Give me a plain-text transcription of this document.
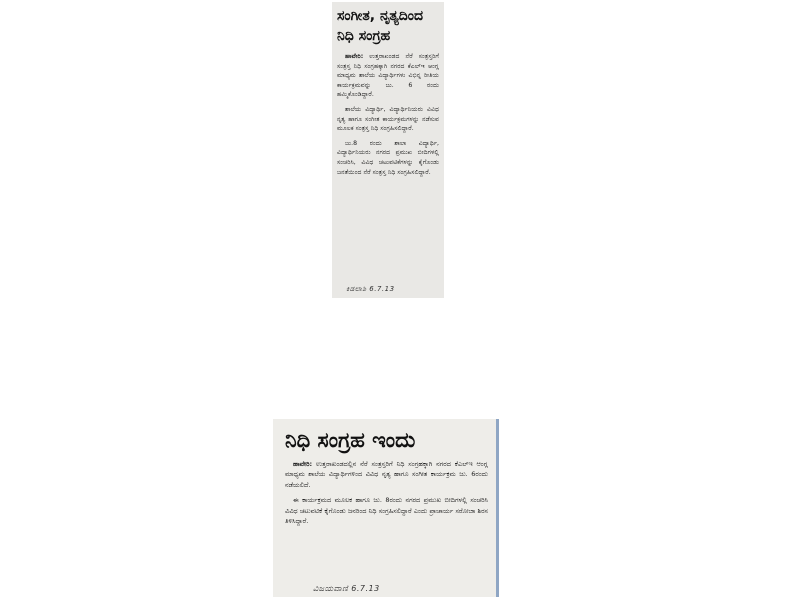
ಸಂಗೀತ, ನೃತ್ಯದಿಂದ

ನಿಧಿ ಸಂಗ್ರಹ

ಹಾವೇರಿ: ಉತ್ತರಾಖಂಡದ ನೆರೆ ಸಂತ್ರಸ್ತರಿಗೆ ಸಂತ್ರಸ್ತ ನಿಧಿ ಸಂಗ್ರಹಕ್ಕಾಗಿ ನಗರದ ಕೆಎಲ್‌ಇ ಆಂಗ್ಲ ಮಾಧ್ಯಮ ಶಾಲೆಯ ವಿದ್ಯಾರ್ಥಿಗಳು ವಿಭಿನ್ನ ರೀತಿಯ ಕಾರ್ಯಕ್ರಮವನ್ನು ಜು. 6 ರಂದು ಹಮ್ಮಿಕೊಂಡಿದ್ದಾರೆ.

ಶಾಲೆಯ ವಿದ್ಯಾರ್ಥಿ, ವಿದ್ಯಾರ್ಥಿನಿಯರು ವಿವಿಧ ನೃತ್ಯ ಹಾಗೂ ಸಂಗೀತ ಕಾರ್ಯಕ್ರಮಗಳನ್ನು ನಡೆಸುವ ಮೂಲಕ ಸಂತ್ರಸ್ತ ನಿಧಿ ಸಂಗ್ರಹಿಸಲಿದ್ದಾರೆ.

ಜು.8 ರಂದು ಶಾಲಾ ವಿದ್ಯಾರ್ಥಿ, ವಿದ್ಯಾರ್ಥಿನಿಯರು ನಗರದ ಪ್ರಮುಖ ಬೀದಿಗಳಲ್ಲಿ ಸಂಚರಿಸಿ, ವಿವಿಧ ಚಟುವಟಿಕೆಗಳನ್ನು ಕೈಗೊಂಡು ಜನತೆಯಿಂದ ನೆರೆ ಸಂತ್ರಸ್ತ ನಿಧಿ ಸಂಗ್ರಹಿಸಲಿದ್ದಾರೆ.

ಕಿಡಲಾಶಿ 6.7.13

ನಿಧಿ ಸಂಗ್ರಹ ಇಂದು

ಹಾವೇರಿ: ಉತ್ತರಾಖಂಡದಲ್ಲಿನ ನೆರೆ ಸಂತ್ರಸ್ತರಿಗೆ ನಿಧಿ ಸಂಗ್ರಹಕ್ಕಾಗಿ ನಗರದ ಕೆಎಲ್‌ಇ ಆಂಗ್ಲ ಮಾಧ್ಯಮ ಶಾಲೆಯ ವಿದ್ಯಾರ್ಥಿಗಳಿಂದ ವಿವಿಧ ನೃತ್ಯ ಹಾಗೂ ಸಂಗೀತ ಕಾರ್ಯಕ್ರಮ ಜು. 6ರಂದು ನಡೆಯಲಿದೆ.

ಈ ಕಾರ್ಯಕ್ರಮದ ಮೂಲಕ ಹಾಗೂ ಜು. 8ರಂದು ನಗರದ ಪ್ರಮುಖ ಬೀದಿಗಳಲ್ಲಿ ಸಂಚರಿಸಿ ವಿವಿಧ ಚಟುವಟಿಕೆ ಕೈಗೊಂಡು ಜನರಿಂದ ನಿಧಿ ಸಂಗ್ರಹಿಸಲಿದ್ದಾರೆ ಎಂದು ಪ್ರಾಚಾರ್ಯ ಸರೋಜಾ ಶಿರಸ ತಿಳಿಸಿದ್ದಾರೆ.

ವಿಜಯವಾಣಿ 6.7.13
